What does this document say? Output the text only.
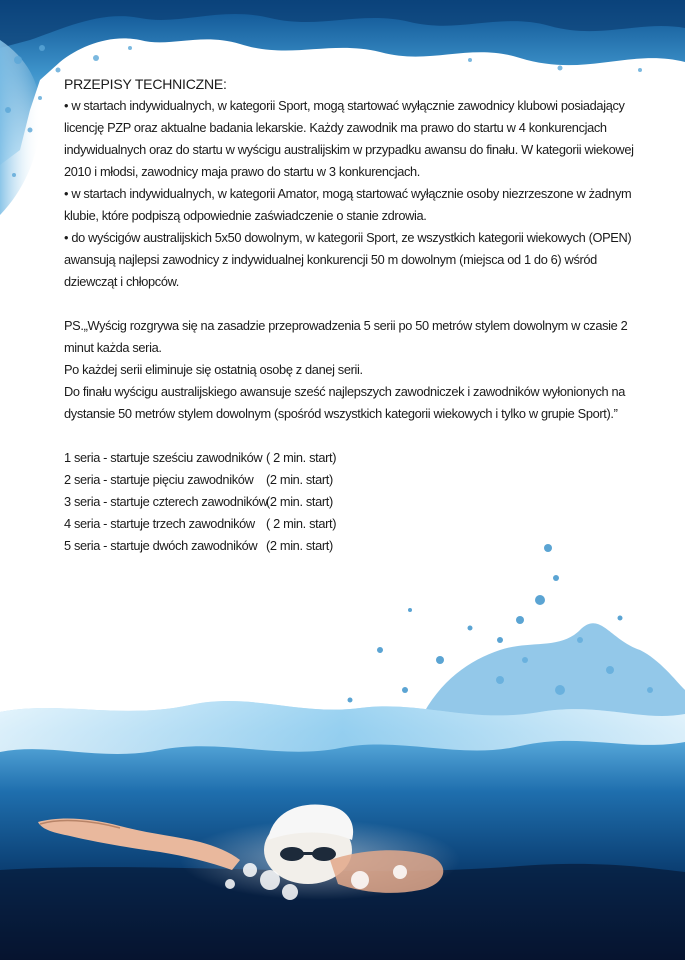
PRZEPISY TECHNICZNE:

• w startach indywidualnych, w kategorii Sport, mogą startować wyłącznie zawodnicy klubowi posiadający licencję PZP oraz aktualne badania lekarskie. Każdy zawodnik ma prawo do startu w 4 konkurencjach indywidualnych oraz do startu w wyścigu australijskim w przypadku awansu do finału. W kategorii wiekowej 2010 i młodsi, zawodnicy maja prawo do startu w 3 konkurencjach.

• w startach indywidualnych, w kategorii Amator, mogą startować wyłącznie osoby niezrzeszone w żadnym klubie, które podpiszą odpowiednie zaświadczenie o stanie zdrowia.

• do wyścigów australijskich 5x50 dowolnym, w kategorii Sport, ze wszystkich kategorii wiekowych (OPEN) awansują najlepsi zawodnicy z indywidualnej konkurencji 50 m dowolnym (miejsca od 1 do 6) wśród dziewcząt i chłopców.

PS.„Wyścig rozgrywa się na zasadzie przeprowadzenia 5 serii po 50 metrów stylem dowolnym w czasie 2 minut każda seria.

Po każdej serii eliminuje się ostatnią osobę z danej serii.

Do finału wyścigu australijskiego awansuje sześć najlepszych zawodniczek i zawodników wyłonionych na dystansie 50 metrów stylem dowolnym (spośród wszystkich kategorii wiekowych i tylko w grupie Sport).”

1 seria - startuje sześciu zawodników ( 2 min. start)
2 seria - startuje pięciu zawodników (2 min. start)
3 seria - startuje czterech zawodników
(2 min. start)
4 seria - startuje trzech zawodników ( 2 min. start)
5 seria - startuje dwóch zawodników (2 min. start)
